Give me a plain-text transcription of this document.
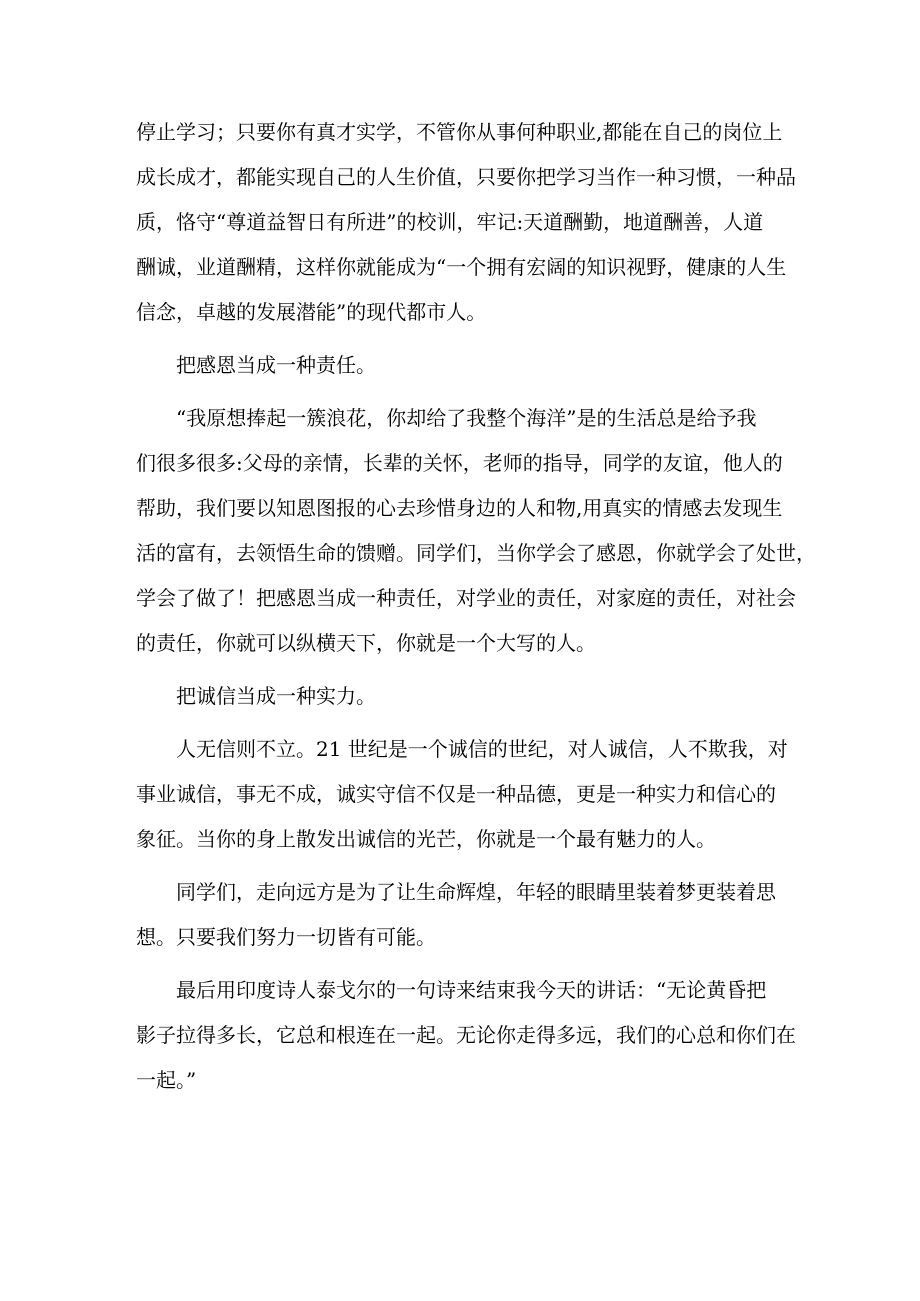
停止学习；只要你有真才实学，不管你从事何种职业,都能在自己的岗位上
成长成才，都能实现自己的人生价值，只要你把学习当作一种习惯，一种品
质，恪守“尊道益智日有所进”的校训，牢记:天道酬勤，地道酬善，人道
酬诚，业道酬精，这样你就能成为“一个拥有宏阔的知识视野，健康的人生
信念，卓越的发展潜能”的现代都市人。
把感恩当成一种责任。
“我原想捧起一簇浪花，你却给了我整个海洋”是的生活总是给予我
们很多很多:父母的亲情，长辈的关怀，老师的指导，同学的友谊，他人的
帮助，我们要以知恩图报的心去珍惜身边的人和物,用真实的情感去发现生
活的富有，去领悟生命的馈赠。同学们，当你学会了感恩，你就学会了处世，
学会了做了！把感恩当成一种责任，对学业的责任，对家庭的责任，对社会
的责任，你就可以纵横天下，你就是一个大写的人。
把诚信当成一种实力。
人无信则不立。21 世纪是一个诚信的世纪，对人诚信，人不欺我，对
事业诚信，事无不成，诚实守信不仅是一种品德，更是一种实力和信心的
象征。当你的身上散发出诚信的光芒，你就是一个最有魅力的人。
同学们，走向远方是为了让生命辉煌，年轻的眼睛里装着梦更装着思
想。只要我们努力一切皆有可能。
最后用印度诗人泰戈尔的一句诗来结束我今天的讲话：“无论黄昏把
影子拉得多长，它总和根连在一起。无论你走得多远，我们的心总和你们在
一起。”
